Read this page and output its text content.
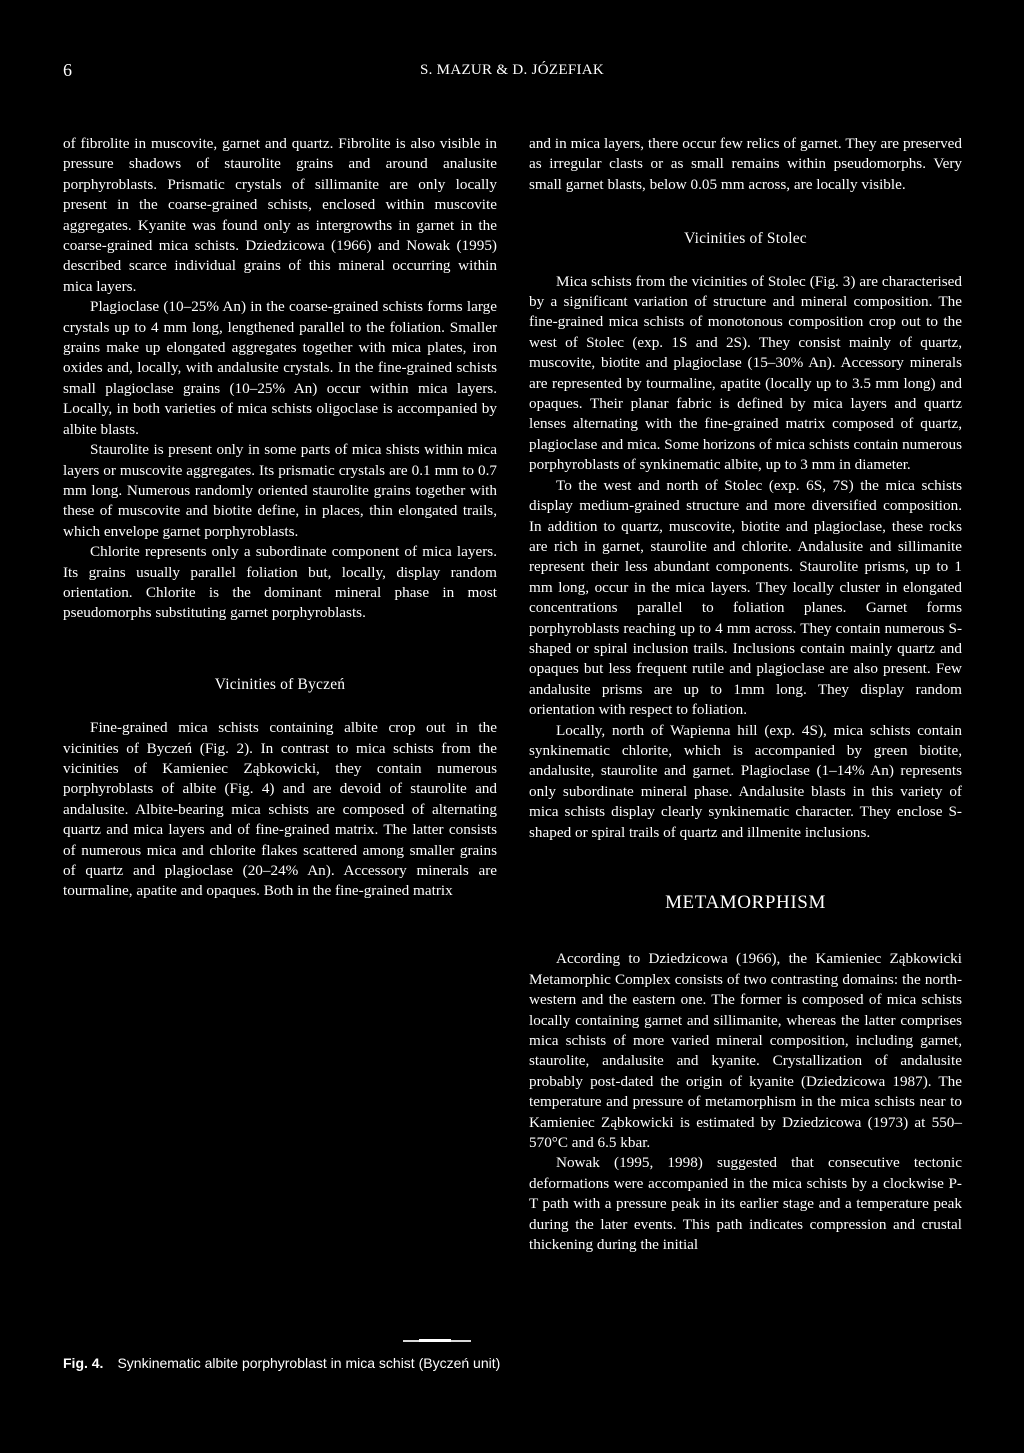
6	S. MAZUR & D. JÓZEFIAK

of fibrolite in muscovite, garnet and quartz. Fibrolite is also visible in pressure shadows of staurolite grains and around analusite porphyroblasts. Prismatic crystals of sillimanite are only locally present in the coarse-grained schists, enclosed within muscovite aggregates. Kyanite was found only as intergrowths in garnet in the coarse-grained mica schists. Dziedzicowa (1966) and Nowak (1995) described scarce individual grains of this mineral occurring within mica layers.

Plagioclase (10–25% An) in the coarse-grained schists forms large crystals up to 4 mm long, lengthened parallel to the foliation. Smaller grains make up elongated aggregates together with mica plates, iron oxides and, locally, with andalusite crystals. In the fine-grained schists small plagioclase grains (10–25% An) occur within mica layers. Locally, in both varieties of mica schists oligoclase is accompanied by albite blasts.

Staurolite is present only in some parts of mica shists within mica layers or muscovite aggregates. Its prismatic crystals are 0.1 mm to 0.7 mm long. Numerous randomly oriented staurolite grains together with these of muscovite and biotite define, in places, thin elongated trails, which envelope garnet porphyroblasts.

Chlorite represents only a subordinate component of mica layers. Its grains usually parallel foliation but, locally, display random orientation. Chlorite is the dominant mineral phase in most pseudomorphs substituting garnet porphyroblasts.

Vicinities of Byczeń

Fine-grained mica schists containing albite crop out in the vicinities of Byczeń (Fig. 2). In contrast to mica schists from the vicinities of Kamieniec Ząbkowicki, they contain numerous porphyroblasts of albite (Fig. 4) and are devoid of staurolite and andalusite. Albite-bearing mica schists are composed of alternating quartz and mica layers and of fine-grained matrix. The latter consists of numerous mica and chlorite flakes scattered among smaller grains of quartz and plagioclase (20–24% An). Accessory minerals are tourmaline, apatite and opaques. Both in the fine-grained matrix

and in mica layers, there occur few relics of garnet. They are preserved as irregular clasts or as small remains within pseudomorphs. Very small garnet blasts, below 0.05 mm across, are locally visible.

Vicinities of Stolec

Mica schists from the vicinities of Stolec (Fig. 3) are characterised by a significant variation of structure and mineral composition. The fine-grained mica schists of monotonous composition crop out to the west of Stolec (exp. 1S and 2S). They consist mainly of quartz, muscovite, biotite and plagioclase (15–30% An). Accessory minerals are represented by tourmaline, apatite (locally up to 3.5 mm long) and opaques. Their planar fabric is defined by mica layers and quartz lenses alternating with the fine-grained matrix composed of quartz, plagioclase and mica. Some horizons of mica schists contain numerous porphyroblasts of synkinematic albite, up to 3 mm in diameter.

To the west and north of Stolec (exp. 6S, 7S) the mica schists display medium-grained structure and more diversified composition. In addition to quartz, muscovite, biotite and plagioclase, these rocks are rich in garnet, staurolite and chlorite. Andalusite and sillimanite represent their less abundant components. Staurolite prisms, up to 1 mm long, occur in the mica layers. They locally cluster in elongated concentrations parallel to foliation planes. Garnet forms porphyroblasts reaching up to 4 mm across. They contain numerous S-shaped or spiral inclusion trails. Inclusions contain mainly quartz and opaques but less frequent rutile and plagioclase are also present. Few andalusite prisms are up to 1mm long. They display random orientation with respect to foliation.

Locally, north of Wapienna hill (exp. 4S), mica schists contain synkinematic chlorite, which is accompanied by green biotite, andalusite, staurolite and garnet. Plagioclase (1–14% An) represents only subordinate mineral phase. Andalusite blasts in this variety of mica schists display clearly synkinematic character. They enclose S-shaped or spiral trails of quartz and illmenite inclusions.

METAMORPHISM

According to Dziedzicowa (1966), the Kamieniec Ząbkowicki Metamorphic Complex consists of two contrasting domains: the north-western and the eastern one. The former is composed of mica schists locally containing garnet and sillimanite, whereas the latter comprises mica schists of more varied mineral composition, including garnet, staurolite, andalusite and kyanite. Crystallization of andalusite probably post-dated the origin of kyanite (Dziedzicowa 1987). The temperature and pressure of metamorphism in the mica schists near to Kamieniec Ząbkowicki is estimated by Dziedzicowa (1973) at 550–570°C and 6.5 kbar.

Nowak (1995, 1998) suggested that consecutive tectonic deformations were accompanied in the mica schists by a clockwise P-T path with a pressure peak in its earlier stage and a temperature peak during the later events. This path indicates compression and crustal thickening during the initial

Fig. 4. Synkinematic albite porphyroblast in mica schist (Byczeń unit)
